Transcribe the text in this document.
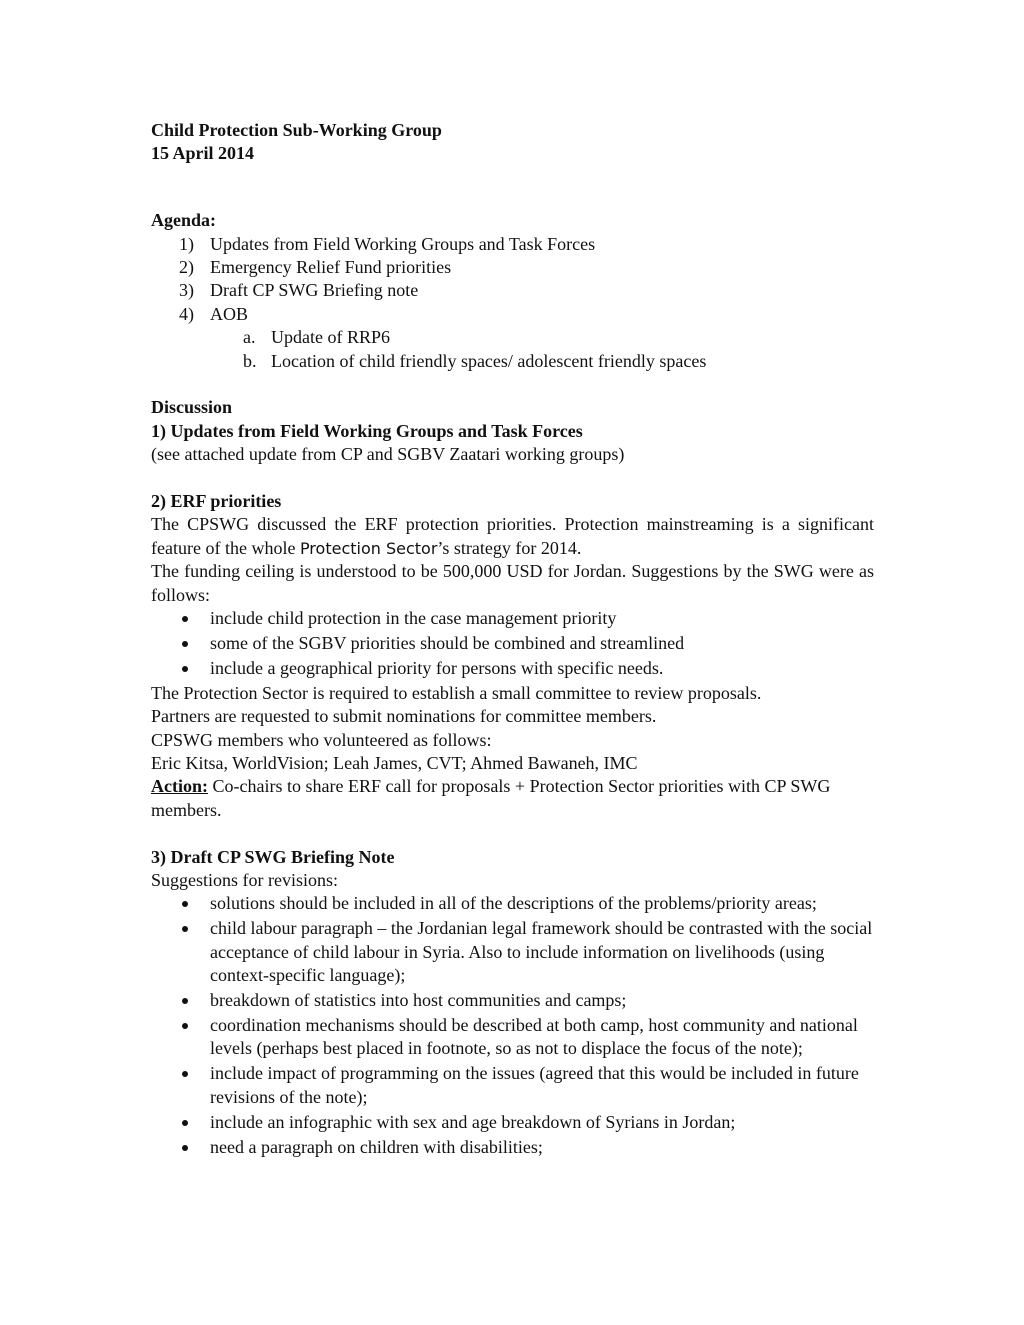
Child Protection Sub-Working Group
15 April 2014
Agenda:
1) Updates from Field Working Groups and Task Forces
2) Emergency Relief Fund priorities
3) Draft CP SWG Briefing note
4) AOB
a. Update of RRP6
b. Location of child friendly spaces/ adolescent friendly spaces
Discussion
1) Updates from Field Working Groups and Task Forces
(see attached update from CP and SGBV Zaatari working groups)
2) ERF priorities
The CPSWG discussed the ERF protection priorities. Protection mainstreaming is a significant feature of the whole Protection Sector’s strategy for 2014.
The funding ceiling is understood to be 500,000 USD for Jordan. Suggestions by the SWG were as follows:
include child protection in the case management priority
some of the SGBV priorities should be combined and streamlined
include a geographical priority for persons with specific needs.
The Protection Sector is required to establish a small committee to review proposals.
Partners are requested to submit nominations for committee members.
CPSWG members who volunteered as follows:
Eric Kitsa, WorldVision; Leah James, CVT; Ahmed Bawaneh, IMC
Action: Co-chairs to share ERF call for proposals + Protection Sector priorities with CP SWG members.
3) Draft CP SWG Briefing Note
Suggestions for revisions:
solutions should be included in all of the descriptions of the problems/priority areas;
child labour paragraph – the Jordanian legal framework should be contrasted with the social acceptance of child labour in Syria. Also to include information on livelihoods (using context-specific language);
breakdown of statistics into host communities and camps;
coordination mechanisms should be described at both camp, host community and national levels (perhaps best placed in footnote, so as not to displace the focus of the note);
include impact of programming on the issues (agreed that this would be included in future revisions of the note);
include an infographic with sex and age breakdown of Syrians in Jordan;
need a paragraph on children with disabilities;
